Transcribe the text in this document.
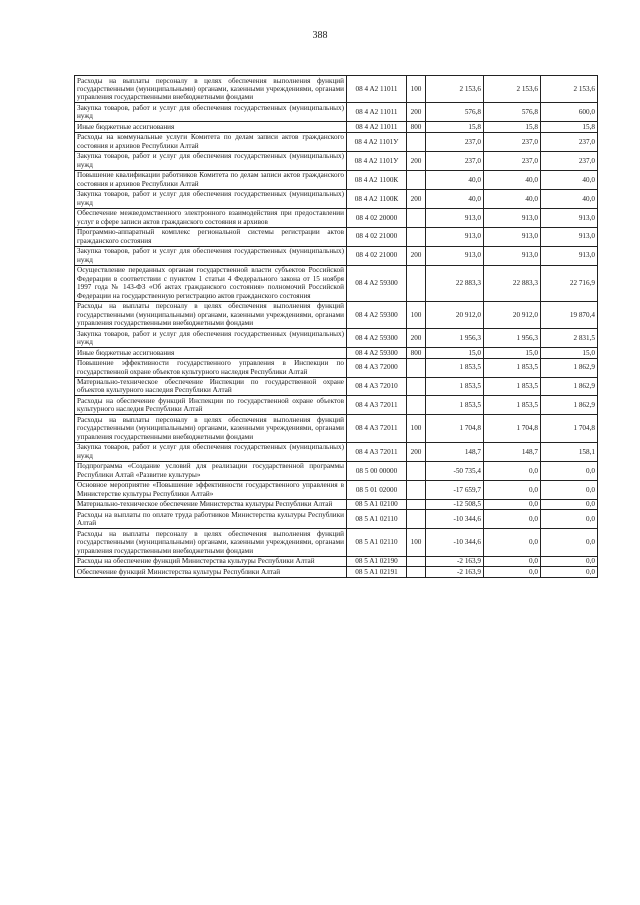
388
Расходы на выплаты персоналу в целях обеспечения выполнения функций государственными (муниципальными) органами, казенными учреждениями, органами управления государственными внебюджетными фондами	08 4 A2 11011	100	2 153,6	2 153,6	2 153,6
Закупка товаров, работ и услуг для обеспечения государственных (муниципальных) нужд	08 4 A2 11011	200	576,8	576,8	600,0
Иные бюджетные ассигнования	08 4 A2 11011	800	15,8	15,8	15,8
Расходы на коммунальные услуги Комитета по делам записи актов гражданского состояния и архивов Республики Алтай	08 4 A2 1101У		237,0	237,0	237,0
Закупка товаров, работ и услуг для обеспечения государственных (муниципальных) нужд	08 4 A2 1101У	200	237,0	237,0	237,0
Повышение квалификации работников Комитета по делам записи актов гражданского состояния и архивов Республики Алтай	08 4 A2 1100К		40,0	40,0	40,0
Закупка товаров, работ и услуг для обеспечения государственных (муниципальных) нужд	08 4 A2 1100К	200	40,0	40,0	40,0
Обеспечение межведомственного электронного взаимодействия при предоставлении услуг в сфере записи актов гражданского состояния и архивов	08 4 02 20000		913,0	913,0	913,0
Программно-аппаратный комплекс региональной системы регистрации актов гражданского состояния	08 4 02 21000		913,0	913,0	913,0
Закупка товаров, работ и услуг для обеспечения государственных (муниципальных) нужд	08 4 02 21000	200	913,0	913,0	913,0
Осуществление переданных органам государственной власти субъектов Российской Федерации в соответствии с пунктом 1 статьи 4 Федерального закона от 15 ноября 1997 года № 143-ФЗ «Об актах гражданского состояния» полномочий Российской Федерации на государственную регистрацию актов гражданского состояния	08 4 A2 59300		22 883,3	22 883,3	22 716,9
Расходы на выплаты персоналу в целях обеспечения выполнения функций государственными (муниципальными) органами, казенными учреждениями, органами управления государственными внебюджетными фондами	08 4 A2 59300	100	20 912,0	20 912,0	19 870,4
Закупка товаров, работ и услуг для обеспечения государственных (муниципальных) нужд	08 4 A2 59300	200	1 956,3	1 956,3	2 831,5
Иные бюджетные ассигнования	08 4 A2 59300	800	15,0	15,0	15,0
Повышение эффективности государственного управления в Инспекции по государственной охране объектов культурного наследия Республики Алтай	08 4 A3 72000		1 853,5	1 853,5	1 862,9
Материально-техническое обеспечение Инспекции по государственной охране объектов культурного наследия Республики Алтай	08 4 A3 72010		1 853,5	1 853,5	1 862,9
Расходы на обеспечение функций Инспекции по государственной охране объектов культурного наследия Республики Алтай	08 4 A3 72011		1 853,5	1 853,5	1 862,9
Расходы на выплаты персоналу в целях обеспечения выполнения функций государственными (муниципальными) органами, казенными учреждениями, органами управления государственными внебюджетными фондами	08 4 A3 72011	100	1 704,8	1 704,8	1 704,8
Закупка товаров, работ и услуг для обеспечения государственных (муниципальных) нужд	08 4 A3 72011	200	148,7	148,7	158,1
Подпрограмма «Создание условий для реализации государственной программы Республики Алтай «Развитие культуры»	08 5 00 00000		-50 735,4	0,0	0,0
Основное мероприятие «Повышение эффективности государственного управления в Министерстве культуры Республики Алтай»	08 5 01 02000		-17 659,7	0,0	0,0
Материально-техническое обеспечение Министерства культуры Республики Алтай	08 5 A1 02100		-12 508,5	0,0	0,0
Расходы на выплаты по оплате труда работников Министерства культуры Республики Алтай	08 5 A1 02110		-10 344,6	0,0	0,0
Расходы на выплаты персоналу в целях обеспечения выполнения функций государственными (муниципальными) органами, казенными учреждениями, органами управления государственными внебюджетными фондами	08 5 A1 02110	100	-10 344,6	0,0	0,0
Расходы на обеспечение функций Министерства культуры Республики Алтай	08 5 A1 02190		-2 163,9	0,0	0,0
Обеспечение функций Министерства культуры Республики Алтай	08 5 A1 02191		-2 163,9	0,0	0,0
